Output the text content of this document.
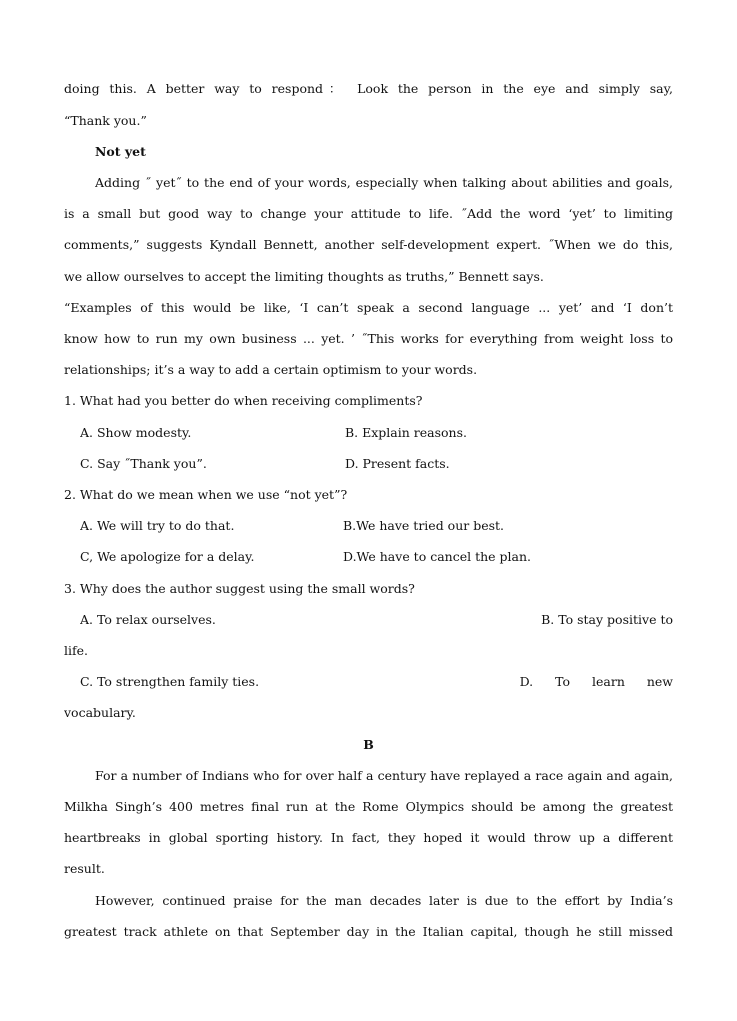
doing this. A better way to respond： Look the person in the eye and simply say,
“Thank you.”
Not yet
Adding ˝ yet˝ to the end of your words, especially when talking about abilities and goals,
is a small but good way to change your attitude to life. ˝Add the word ‘yet’ to limiting
comments,” suggests Kyndall Bennett, another self-development expert. ˝When we do this,
we allow ourselves to accept the limiting thoughts as truths,” Bennett says.
“Examples of this would be like, ‘I can’t speak a second language ... yet’ and ‘I don’t
know how to run my own business ... yet. ’ ˝This works for everything from weight loss to
relationships; it’s a way to add a certain optimism to your words.
1. What had you better do when receiving compliments?
A. Show modesty.	B. Explain reasons.
C. Say ˝Thank you”.	D. Present facts.
2. What do we mean when we use “not yet”?
A. We will try to do that.	B.We have tried our best.
C, We apologize for a delay.	D.We have to cancel the plan.
3. Why does the author suggest using the small words?
A. To relax ourselves.	B. To stay positive to
life.
C. To strengthen family ties.	D. To learn new
vocabulary.
B
For a number of Indians who for over half a century have replayed a race again and again,
Milkha Singh’s 400 metres final run at the Rome Olympics should be among the greatest
heartbreaks in global sporting history. In fact, they hoped it would throw up a different
result.
However, continued praise for the man decades later is due to the effort by India’s
greatest track athlete on that September day in the Italian capital, though he still missed
